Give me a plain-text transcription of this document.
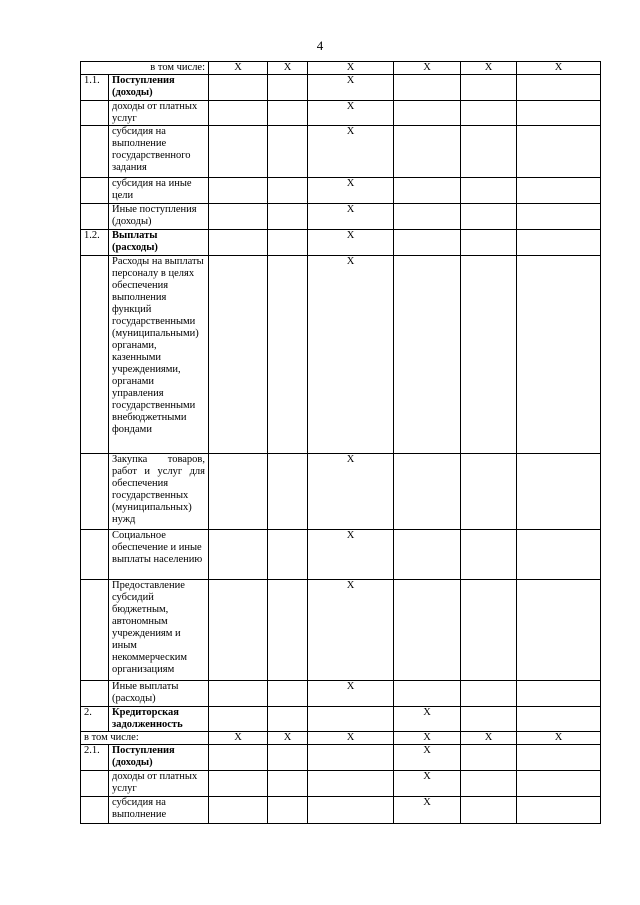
4
в том числе:		Х	Х	Х	Х	Х	Х
1.1.	Поступления (доходы)			Х			
	доходы от платных услуг			Х			
	субсидия на выполнение государственного задания			Х			
	субсидия на иные цели			Х			
	Иные поступления (доходы)			Х			
1.2.	Выплаты (расходы)			Х			
	Расходы на выплаты персоналу в целях обеспечения выполнения функций государственными (муниципальными) органами, казенными учреждениями, органами управления государственными внебюджетными фондами			Х			
	Закупка товаров, работ и услуг для обеспечения государственных (муниципальных) нужд			Х			
	Социальное обеспечение и иные выплаты населению			Х			
	Предоставление субсидий бюджетным, автономным учреждениям и иным некоммерческим организациям			Х			
	Иные выплаты (расходы)			Х			
2.	Кредиторская задолженность				Х		
в том числе:		Х	Х	Х	Х	Х	Х
2.1.	Поступления (доходы)				Х		
	доходы от платных услуг				Х		
	субсидия на выполнение				Х		
